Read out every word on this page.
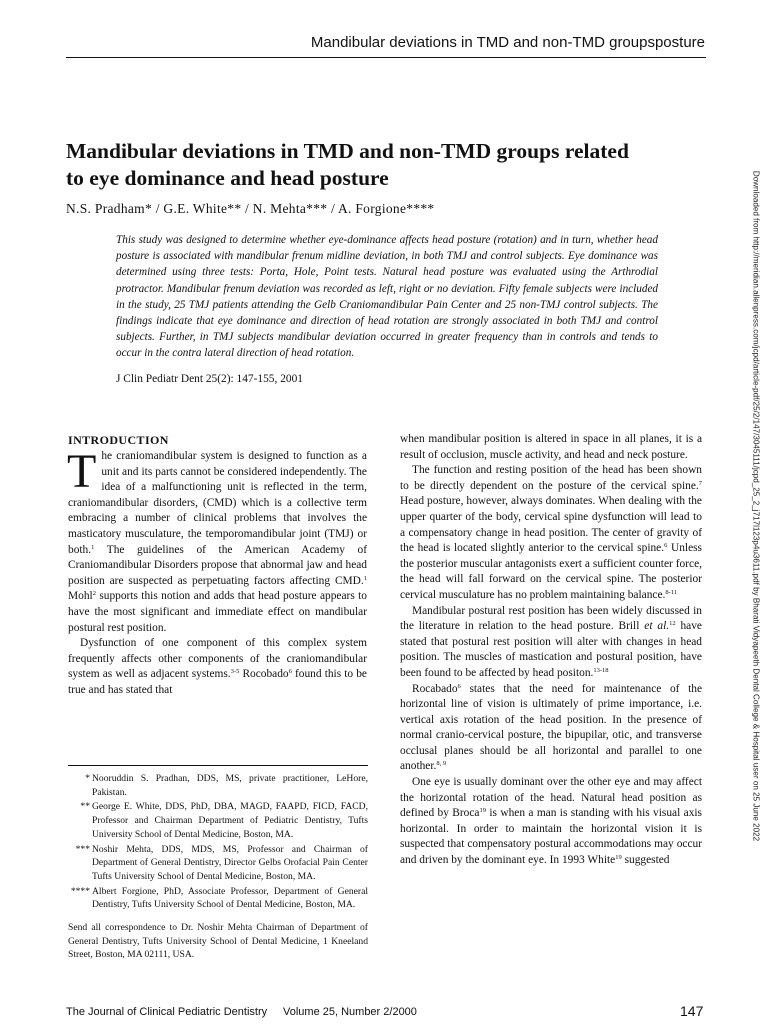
Mandibular deviations in TMD and non-TMD groupsposture
Mandibular deviations in TMD and non-TMD groups related
to eye dominance and head posture
N.S. Pradham* / G.E. White** / N. Mehta*** / A. Forgione****

This study was designed to determine whether eye-dominance affects head posture (rotation) and in turn, whether head posture is associated with mandibular frenum midline deviation, in both TMJ and control subjects. Eye dominance was determined using three tests: Porta, Hole, Point tests. Natural head posture was evaluated using the Arthrodial protractor. Mandibular frenum deviation was recorded as left, right or no deviation. Fifty female subjects were included in the study, 25 TMJ patients attending the Gelb Craniomandibular Pain Center and 25 non-TMJ control subjects. The findings indicate that eye dominance and direction of head rotation are strongly associated in both TMJ and control subjects. Further, in TMJ subjects mandibular deviation occurred in greater frequency than in controls and tends to occur in the contra lateral direction of head rotation.

J Clin Pediatr Dent 25(2): 147-155, 2001
INTRODUCTION

The craniomandibular system is designed to function as a unit and its parts cannot be considered independently. The idea of a malfunctioning unit is reflected in the term, craniomandibular disorders, (CMD) which is a collective term embracing a number of clinical problems that involves the masticatory musculature, the temporomandibular joint (TMJ) or both.$^1$ The guidelines of the American Academy of Craniomandibular Disorders propose that abnormal jaw and head position are suspected as perpetuating factors affecting CMD.$^1$ Mohl$^2$ supports this notion and adds that head posture appears to have the most significant and immediate effect on mandibular postural rest position.

Dysfunction of one component of this complex system frequently affects other components of the craniomandibular system as well as adjacent systems.$^{3-5}$ Rocobado$^6$ found this to be true and has stated that

when mandibular position is altered in space in all planes, it is a result of occlusion, muscle activity, and head and neck posture.

The function and resting position of the head has been shown to be directly dependent on the posture of the cervical spine.$^7$ Head posture, however, always dominates. When dealing with the upper quarter of the body, cervical spine dysfunction will lead to a compensatory change in head position. The center of gravity of the head is located slightly anterior to the cervical spine.$^6$ Unless the posterior muscular antagonists exert a sufficient counter force, the head will fall forward on the cervical spine. The posterior cervical musculature has no problem maintaining balance.$^{8-11}$

Mandibular postural rest position has been widely discussed in the literature in relation to the head posture. Brill et al.$^{12}$ have stated that postural rest position will alter with changes in head position. The muscles of mastication and postural position, have been found to be affected by head positon.$^{13-18}$

Rocabado$^6$ states that the need for maintenance of the horizontal line of vision is ultimately of prime importance, i.e. vertical axis rotation of the head position. In the presence of normal cranio-cervical posture, the bipupilar, otic, and transverse occlusal planes should be all horizontal and parallel to one another.$^{8, 9}$

One eye is usually dominant over the other eye and may affect the horizontal rotation of the head. Natural head position as defined by Broca$^{19}$ is when a man is standing with his visual axis horizontal. In order to maintain the horizontal vision it is suspected that compensatory postural accommodations may occur and driven by the dominant eye. In 1993 White$^{19}$ suggested

* Nooruddin S. Pradhan, DDS, MS, private practitioner, LeHore, Pakistan.
** George E. White, DDS, PhD, DBA, MAGD, FAAPD, FICD, FACD, Professor and Chairman Department of Pediatric Dentistry, Tufts University School of Dental Medicine, Boston, MA.
*** Noshir Mehta, DDS, MDS, MS, Professor and Chairman of Department of General Dentistry, Director Gelbs Orofacial Pain Center Tufts University School of Dental Medicine, Boston, MA.
**** Albert Forgione, PhD, Associate Professor, Department of General Dentistry, Tufts University School of Dental Medicine, Boston, MA.
Send all correspondence to Dr. Noshir Mehta Chairman of Department of General Dentistry, Tufts University School of Dental Medicine, 1 Kneeland Street, Boston, MA 02111, USA.
The Journal of Clinical Pediatric Dentistry Volume 25, Number 2/2000	147
Downloaded from http://meridian.allenpress.com/jcpd/article-pdf/25/2/147/3045111/jcpd_25_2_j717l123p4u3611.pdf by Bharati Vidyapeeth Dental College & Hospital user on 25 June 2022
